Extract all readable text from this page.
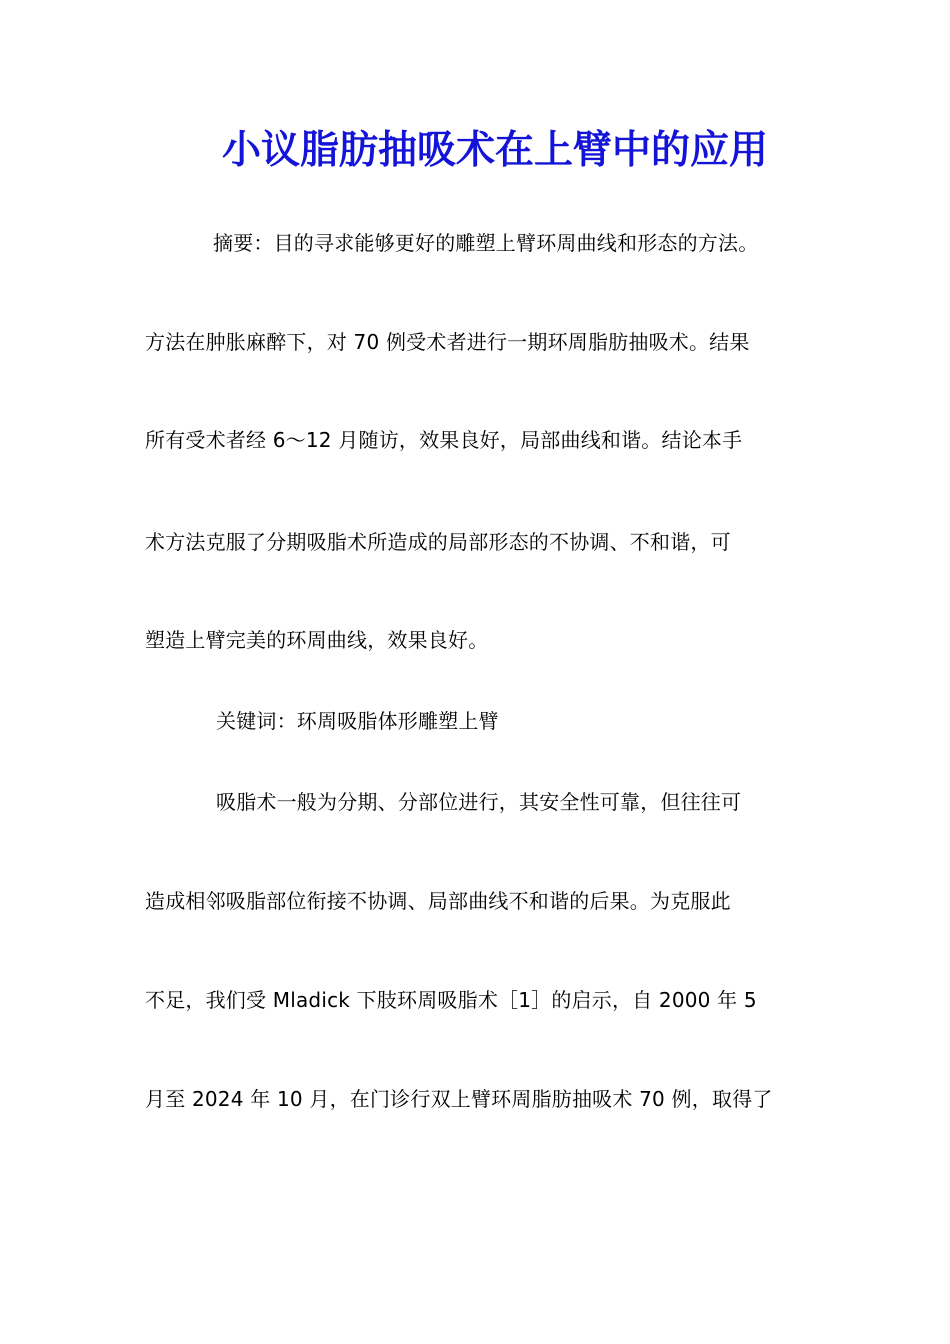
小议脂肪抽吸术在上臂中的应用
摘要：目的寻求能够更好的雕塑上臂环周曲线和形态的方法。
方法在肿胀麻醉下，对 70 例受术者进行一期环周脂肪抽吸术。结果
所有受术者经 6～12 月随访，效果良好，局部曲线和谐。结论本手
术方法克服了分期吸脂术所造成的局部形态的不协调、不和谐，可
塑造上臂完美的环周曲线，效果良好。
关键词：环周吸脂体形雕塑上臂
吸脂术一般为分期、分部位进行，其安全性可靠，但往往可
造成相邻吸脂部位衔接不协调、局部曲线不和谐的后果。为克服此
不足，我们受 Mladick 下肢环周吸脂术［1］的启示，自 2000 年 5
月至 2024 年 10 月，在门诊行双上臂环周脂肪抽吸术 70 例，取得了
